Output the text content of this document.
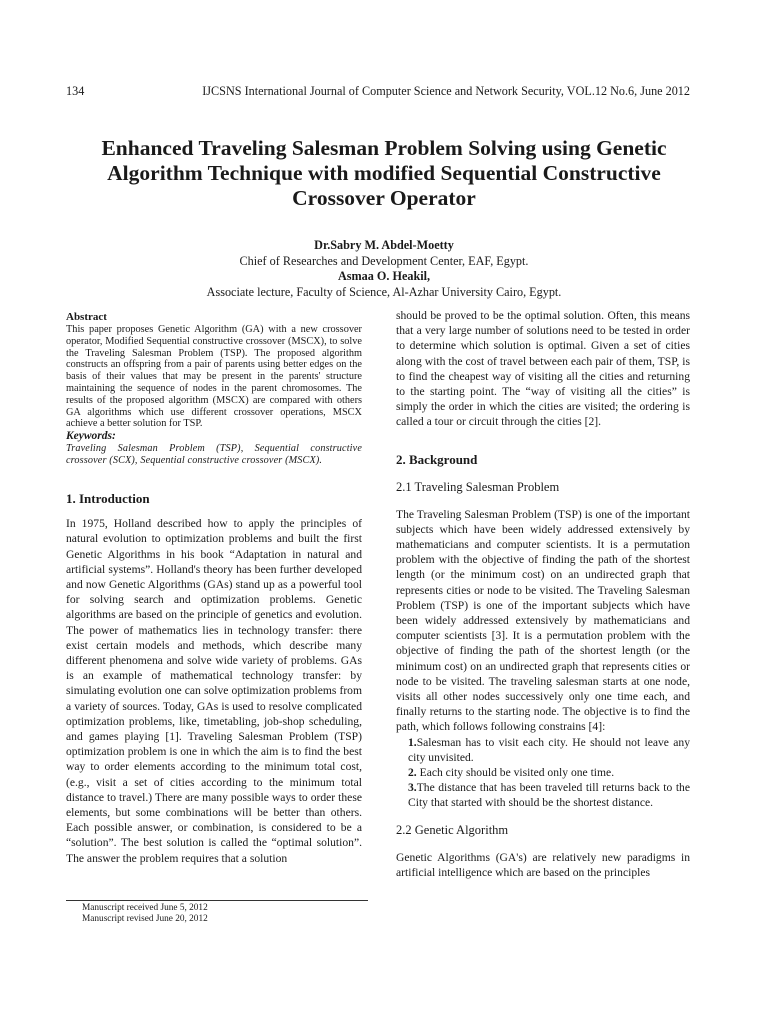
134	IJCSNS International Journal of Computer Science and Network Security, VOL.12 No.6, June 2012
Enhanced Traveling Salesman Problem Solving using Genetic
Algorithm Technique with modified Sequential Constructive
Crossover Operator
Dr.Sabry M. Abdel-Moetty
Chief of Researches and Development Center, EAF, Egypt.
Asmaa O. Heakil,
Associate lecture, Faculty of Science, Al-Azhar University Cairo, Egypt.

Abstract

This paper proposes Genetic Algorithm (GA) with a new crossover operator, Modified Sequential constructive crossover (MSCX), to solve the Traveling Salesman Problem (TSP). The proposed algorithm constructs an offspring from a pair of parents using better edges on the basis of their values that may be present in the parents' structure maintaining the sequence of nodes in the parent chromosomes. The results of the proposed algorithm (MSCX) are compared with others GA algorithms which use different crossover operations, MSCX achieve a better solution for TSP.

Keywords:

Traveling Salesman Problem (TSP), Sequential constructive crossover (SCX), Sequential constructive crossover (MSCX).

1. Introduction

In 1975, Holland described how to apply the principles of natural evolution to optimization problems and built the first Genetic Algorithms in his book “Adaptation in natural and artificial systems”. Holland's theory has been further developed and now Genetic Algorithms (GAs) stand up as a powerful tool for solving search and optimization problems. Genetic algorithms are based on the principle of genetics and evolution. The power of mathematics lies in technology transfer: there exist certain models and methods, which describe many different phenomena and solve wide variety of problems. GAs is an example of mathematical technology transfer: by simulating evolution one can solve optimization problems from a variety of sources. Today, GAs is used to resolve complicated optimization problems, like, timetabling, job-shop scheduling, and games playing [1]. Traveling Salesman Problem (TSP) optimization problem is one in which the aim is to find the best way to order elements according to the minimum total cost, (e.g., visit a set of cities according to the minimum total distance to travel.) There are many possible ways to order these elements, but some combinations will be better than others. Each possible answer, or combination, is considered to be a “solution”. The best solution is called the “optimal solution”. The answer the problem requires that a solution

should be proved to be the optimal solution. Often, this means that a very large number of solutions need to be tested in order to determine which solution is optimal. Given a set of cities along with the cost of travel between each pair of them, TSP, is to find the cheapest way of visiting all the cities and returning to the starting point. The “way of visiting all the cities” is simply the order in which the cities are visited; the ordering is called a tour or circuit through the cities [2].

2. Background

2.1 Traveling Salesman Problem

The Traveling Salesman Problem (TSP) is one of the important subjects which have been widely addressed extensively by mathematicians and computer scientists. It is a permutation problem with the objective of finding the path of the shortest length (or the minimum cost) on an undirected graph that represents cities or node to be visited. The Traveling Salesman Problem (TSP) is one of the important subjects which have been widely addressed extensively by mathematicians and computer scientists [3]. It is a permutation problem with the objective of finding the path of the shortest length (or the minimum cost) on an undirected graph that represents cities or node to be visited. The traveling salesman starts at one node, visits all other nodes successively only one time each, and finally returns to the starting node. The objective is to find the path, which follows following constrains [4]:

1.Salesman has to visit each city. He should not leave any city unvisited.
2. Each city should be visited only one time.
3.The distance that has been traveled till returns back to the City that started with should be the shortest distance.

2.2 Genetic Algorithm

Genetic Algorithms (GA's) are relatively new paradigms in artificial intelligence which are based on the principles

Manuscript received June 5, 2012
Manuscript revised June 20, 2012
